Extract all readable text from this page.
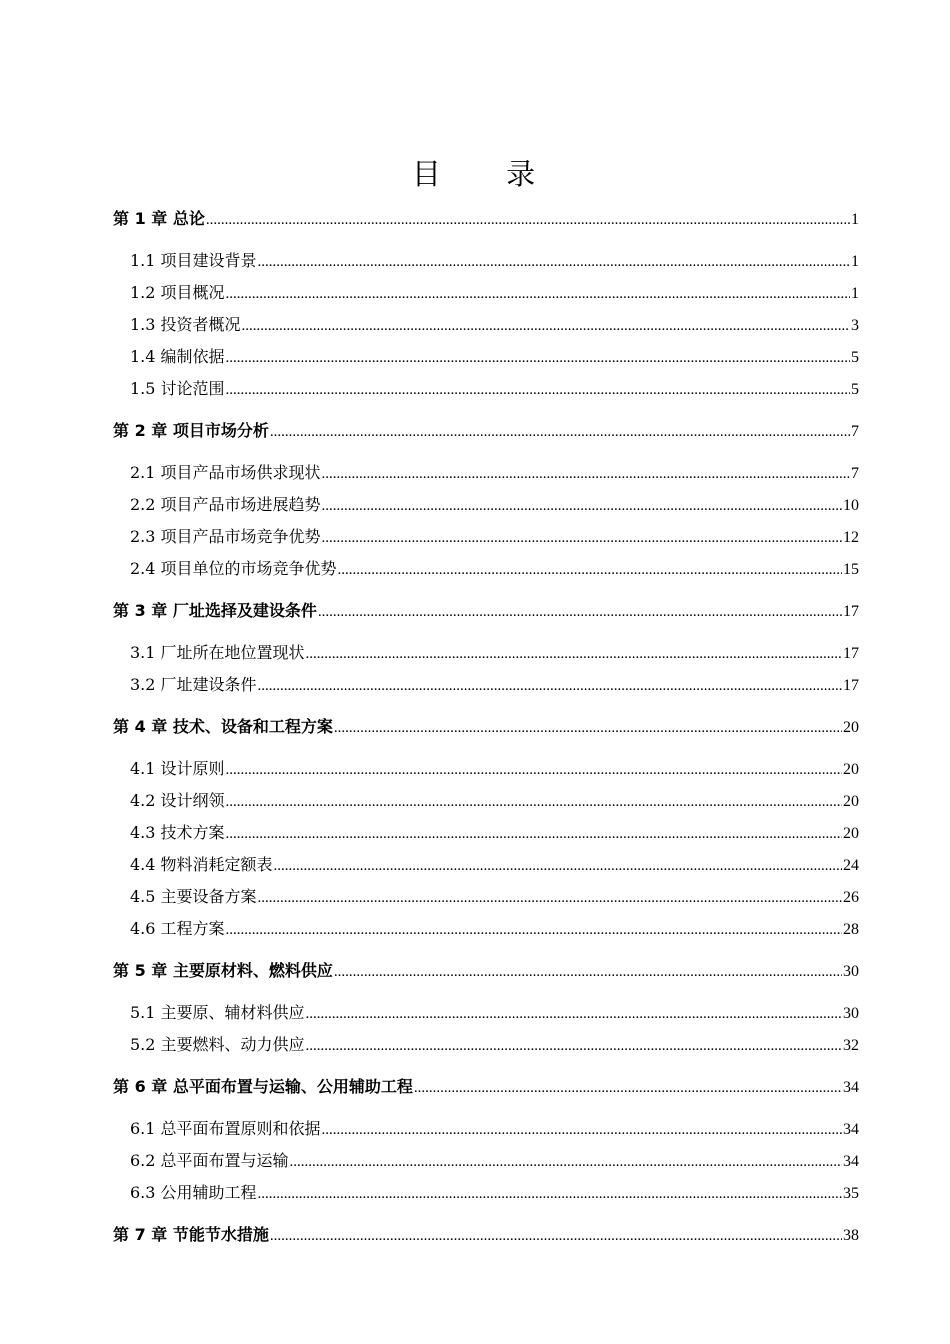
目 录
第 1 章 总论 .....	1
1.1 项目建设背景 .....	1
1.2 项目概况 .....	1
1.3 投资者概况 .....	3
1.4 编制依据 .....	5
1.5 讨论范围 .....	5
第 2 章 项目市场分析 .....	7
2.1 项目产品市场供求现状 .....	7
2.2 项目产品市场进展趋势 .....	10
2.3 项目产品市场竞争优势 .....	12
2.4 项目单位的市场竞争优势 .....	15
第 3 章 厂址选择及建设条件 .....	17
3.1 厂址所在地位置现状 .....	17
3.2 厂址建设条件 .....	17
第 4 章 技术、设备和工程方案 .....	20
4.1 设计原则 .....	20
4.2 设计纲领 .....	20
4.3 技术方案 .....	20
4.4 物料消耗定额表 .....	24
4.5 主要设备方案 .....	26
4.6 工程方案 .....	28
第 5 章 主要原材料、燃料供应 .....	30
5.1 主要原、辅材料供应 .....	30
5.2 主要燃料、动力供应 .....	32
第 6 章 总平面布置与运输、公用辅助工程 .....	34
6.1 总平面布置原则和依据 .....	34
6.2 总平面布置与运输 .....	34
6.3 公用辅助工程 .....	35
第 7 章 节能节水措施 .....	38
